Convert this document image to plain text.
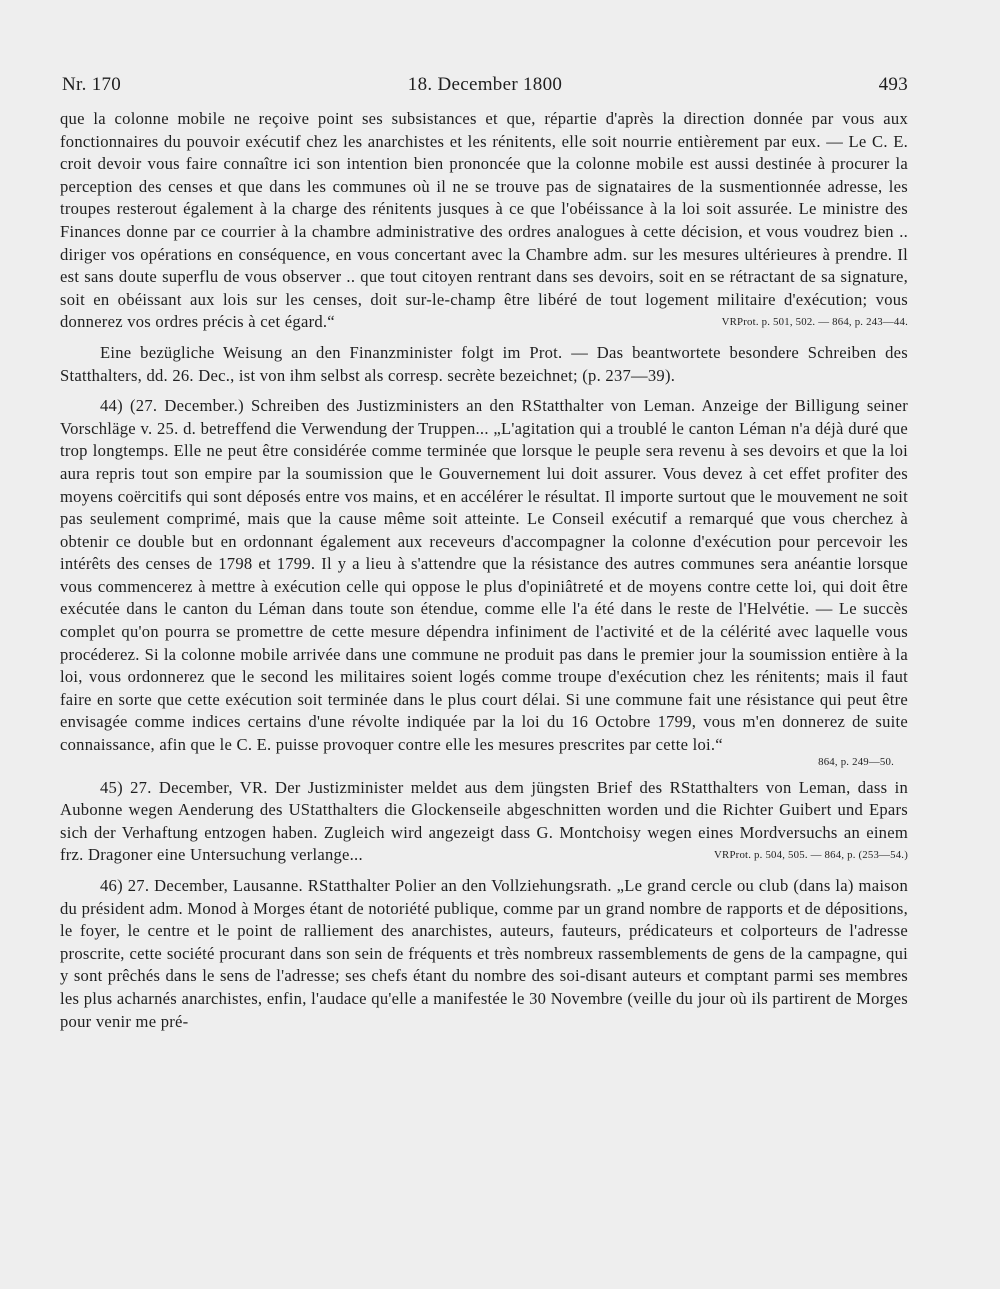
Nr. 170	18. December 1800	493

que la colonne mobile ne reçoive point ses subsistances et que, répartie d'après la direction donnée par vous aux fonctionnaires du pouvoir exécutif chez les anarchistes et les rénitents, elle soit nourrie entièrement par eux. — Le C. E. croit devoir vous faire connaître ici son intention bien prononcée que la colonne mobile est aussi destinée à procurer la perception des censes et que dans les communes où il ne se trouve pas de signataires de la susmentionnée adresse, les troupes resterout également à la charge des rénitents jusques à ce que l'obéissance à la loi soit assurée. Le ministre des Finances donne par ce courrier à la chambre administrative des ordres analogues à cette décision, et vous voudrez bien .. diriger vos opérations en conséquence, en vous concertant avec la Chambre adm. sur les mesures ultérieures à prendre. Il est sans doute superflu de vous observer .. que tout citoyen rentrant dans ses devoirs, soit en se rétractant de sa signature, soit en obéissant aux lois sur les censes, doit sur-le-champ être libéré de tout logement militaire d'exécution; vous donnerez vos ordres précis à cet égard.“	VRProt. p. 501, 502. — 864, p. 243—44.

Eine bezügliche Weisung an den Finanzminister folgt im Prot. — Das beantwortete besondere Schreiben des Statthalters, dd. 26. Dec., ist von ihm selbst als corresp. secrète bezeichnet; (p. 237—39).

44) (27. December.) Schreiben des Justizministers an den RStatthalter von Leman. Anzeige der Billigung seiner Vorschläge v. 25. d. betreffend die Verwendung der Truppen... „L'agitation qui a troublé le canton Léman n'a déjà duré que trop longtemps. Elle ne peut être considérée comme terminée que lorsque le peuple sera revenu à ses devoirs et que la loi aura repris tout son empire par la soumission que le Gouvernement lui doit assurer. Vous devez à cet effet profiter des moyens coërcitifs qui sont déposés entre vos mains, et en accélérer le résultat. Il importe surtout que le mouvement ne soit pas seulement comprimé, mais que la cause même soit atteinte. Le Conseil exécutif a remarqué que vous cherchez à obtenir ce double but en ordonnant également aux receveurs d'accompagner la colonne d'exécution pour percevoir les intérêts des censes de 1798 et 1799. Il y a lieu à s'attendre que la résistance des autres communes sera anéantie lorsque vous commencerez à mettre à exécution celle qui oppose le plus d'opiniâtreté et de moyens contre cette loi, qui doit être exécutée dans le canton du Léman dans toute son étendue, comme elle l'a été dans le reste de l'Helvétie. — Le succès complet qu'on pourra se promettre de cette mesure dépendra infiniment de l'activité et de la célérité avec laquelle vous procéderez. Si la colonne mobile arrivée dans une commune ne produit pas dans le premier jour la soumission entière à la loi, vous ordonnerez que le second les militaires soient logés comme troupe d'exécution chez les rénitents; mais il faut faire en sorte que cette exécution soit terminée dans le plus court délai. Si une commune fait une résistance qui peut être envisagée comme indices certains d'une révolte indiquée par la loi du 16 Octobre 1799, vous m'en donnerez de suite connaissance, afin que le C. E. puisse provoquer contre elle les mesures prescrites par cette loi.“

864, p. 249—50.

45) 27. December, VR. Der Justizminister meldet aus dem jüngsten Brief des RStatthalters von Leman, dass in Aubonne wegen Aenderung des UStatthalters die Glockenseile abgeschnitten worden und die Richter Guibert und Epars sich der Verhaftung entzogen haben. Zugleich wird angezeigt dass G. Montchoisy wegen eines Mordversuchs an einem frz. Dragoner eine Untersuchung verlange...	VRProt. p. 504, 505. — 864, p. (253—54.)

46) 27. December, Lausanne. RStatthalter Polier an den Vollziehungsrath. „Le grand cercle ou club (dans la) maison du président adm. Monod à Morges étant de notoriété publique, comme par un grand nombre de rapports et de dépositions, le foyer, le centre et le point de ralliement des anarchistes, auteurs, fauteurs, prédicateurs et colporteurs de l'adresse proscrite, cette société procurant dans son sein de fréquents et très nombreux rassemblements de gens de la campagne, qui y sont prêchés dans le sens de l'adresse; ses chefs étant du nombre des soi-disant auteurs et comptant parmi ses membres les plus acharnés anarchistes, enfin, l'audace qu'elle a manifestée le 30 Novembre (veille du jour où ils partirent de Morges pour venir me pré-
